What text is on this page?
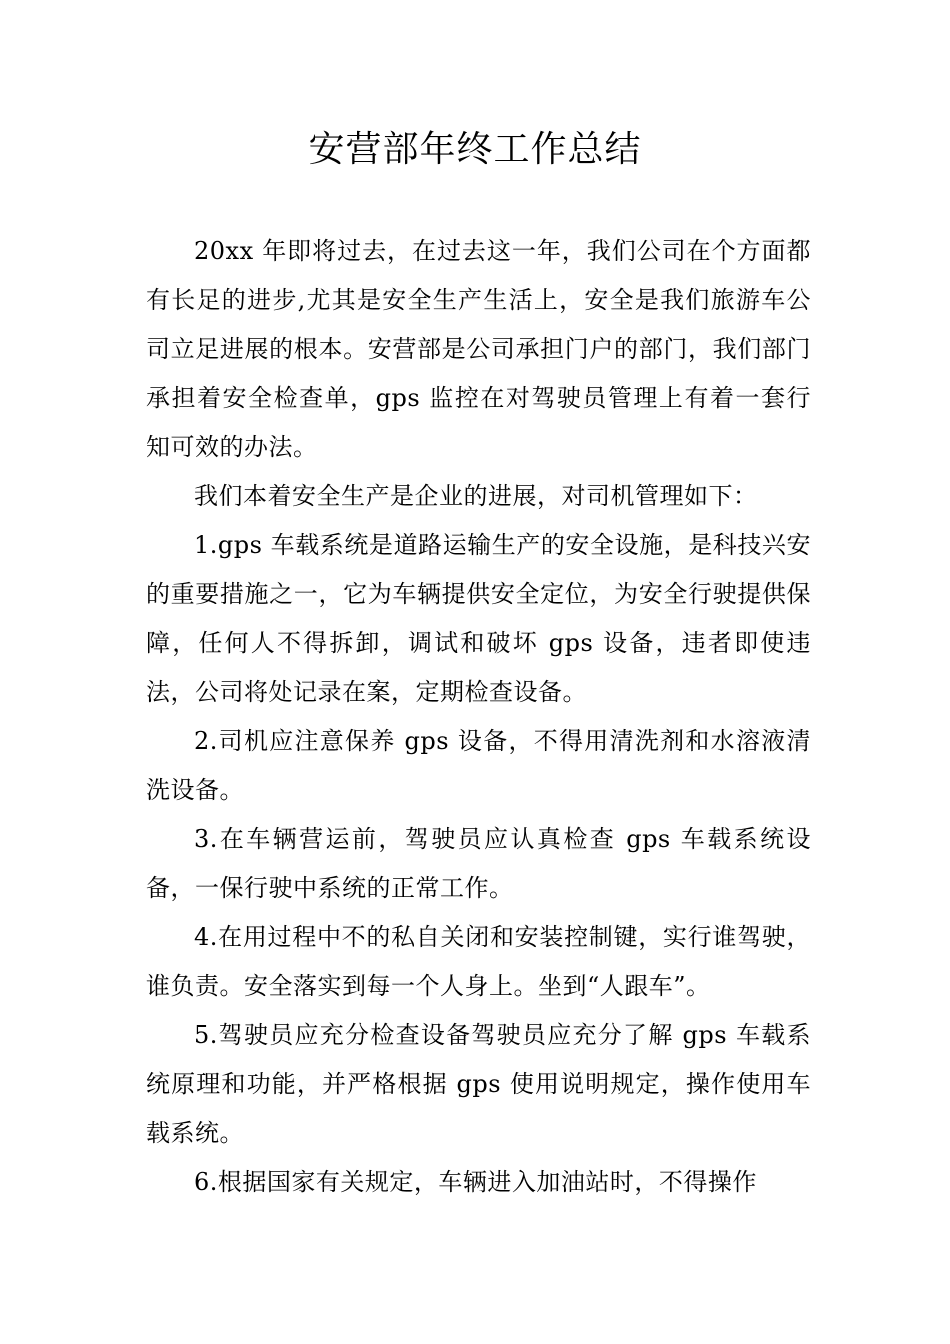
安营部年终工作总结

20xx 年即将过去，在过去这一年，我们公司在个方面都有长足的进步,尤其是安全生产生活上，安全是我们旅游车公司立足进展的根本。安营部是公司承担门户的部门，我们部门承担着安全检查单，gps 监控在对驾驶员管理上有着一套行知可效的办法。

我们本着安全生产是企业的进展，对司机管理如下：

1.gps 车载系统是道路运输生产的安全设施，是科技兴安的重要措施之一，它为车辆提供安全定位，为安全行驶提供保障，任何人不得拆卸，调试和破坏 gps 设备，违者即使违法，公司将处记录在案，定期检查设备。

2.司机应注意保养 gps 设备，不得用清洗剂和水溶液清洗设备。

3.在车辆营运前，驾驶员应认真检查 gps 车载系统设备，一保行驶中系统的正常工作。

4.在用过程中不的私自关闭和安装控制键，实行谁驾驶，谁负责。安全落实到每一个人身上。坐到“人跟车”。

5.驾驶员应充分检查设备驾驶员应充分了解 gps 车载系统原理和功能，并严格根据 gps 使用说明规定，操作使用车载系统。

6.根据国家有关规定，车辆进入加油站时，不得操作
